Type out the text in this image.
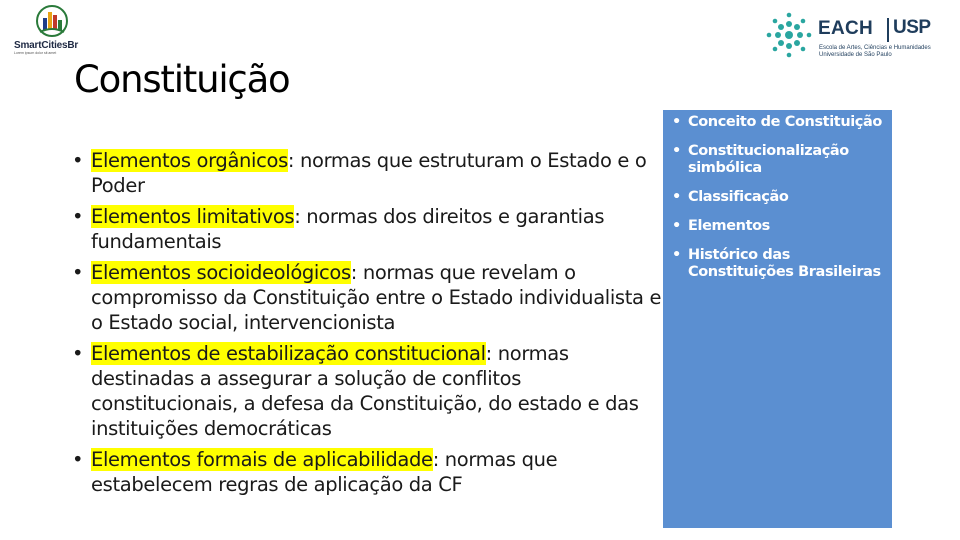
SmartCitiesBr
Lorem ipsum dolor sit amet
EACH USP
Escola de Artes, Ciências e Humanidades
Universidade de São Paulo
Constituição
• Elementos orgânicos: normas que estruturam o Estado e o Poder
• Elementos limitativos: normas dos direitos e garantias fundamentais
• Elementos socioideológicos: normas que revelam o compromisso da Constituição entre o Estado individualista e o Estado social, intervencionista
• Elementos de estabilização constitucional: normas destinadas a assegurar a solução de conflitos constitucionais, a defesa da Constituição, do estado e das instituições democráticas
• Elementos formais de aplicabilidade: normas que estabelecem regras de aplicação da CF
• Conceito de Constituição
• Constitucionalização simbólica
• Classificação
• Elementos
• Histórico das Constituições Brasileiras
